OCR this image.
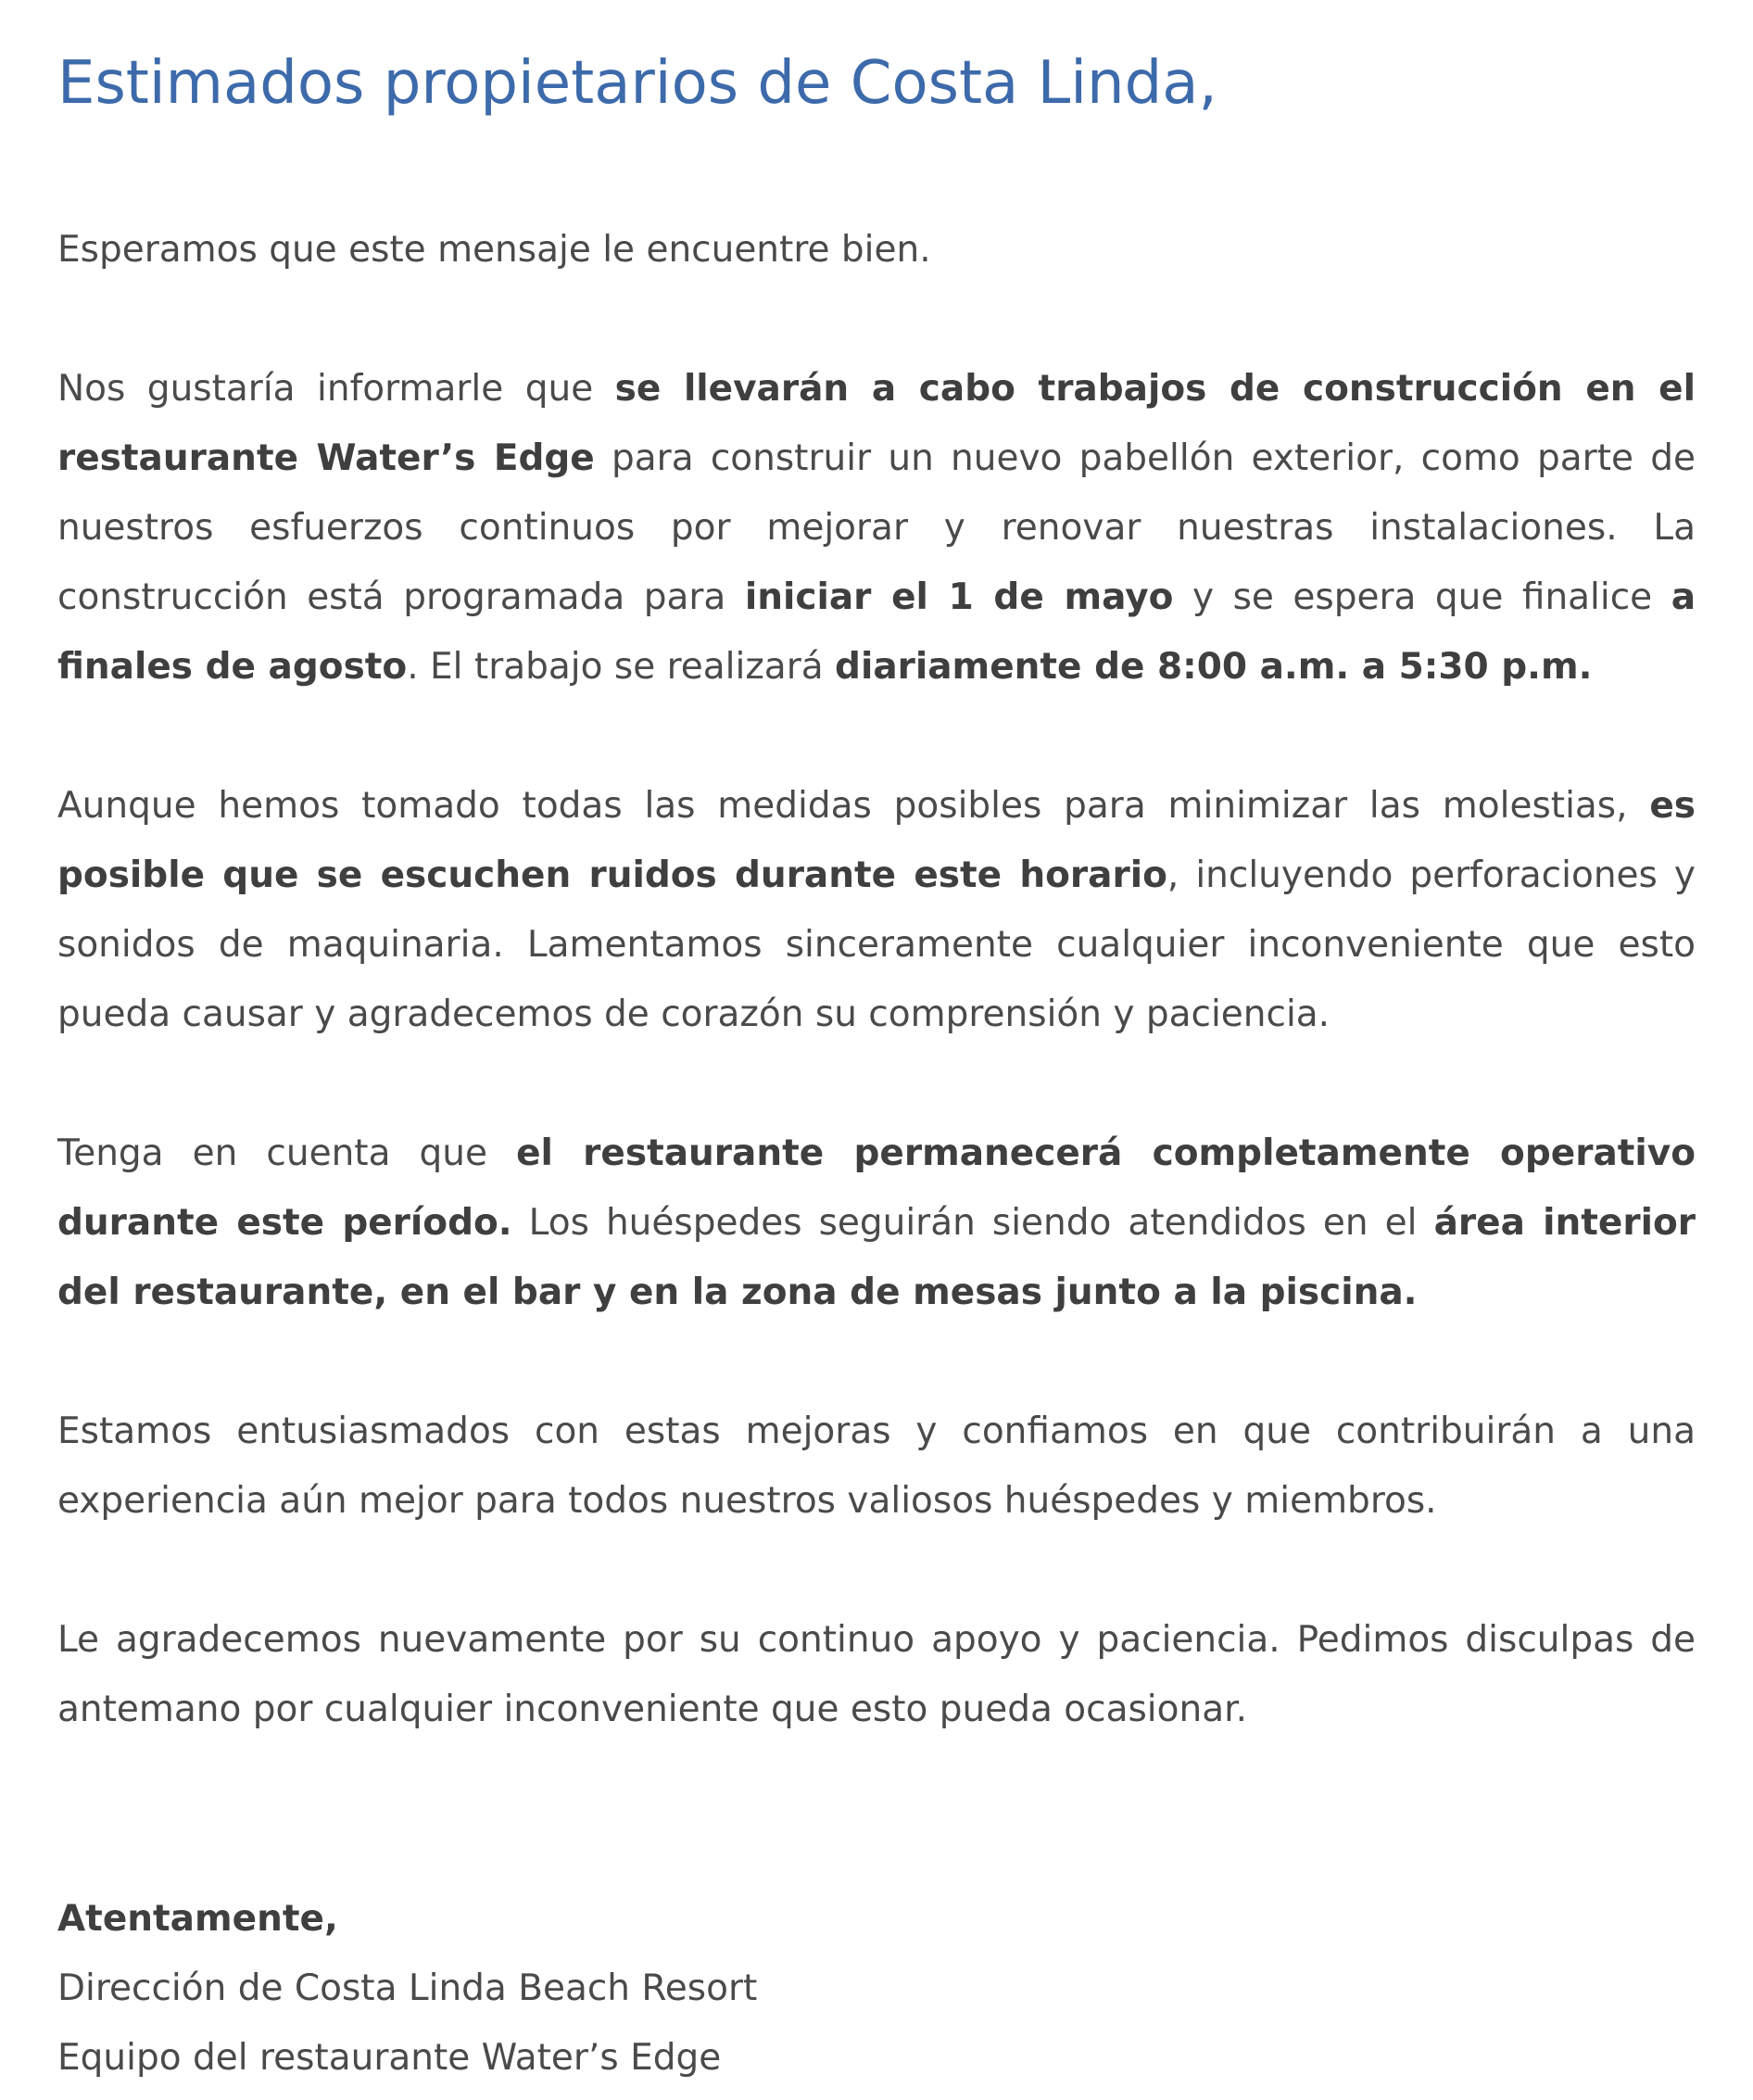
Estimados propietarios de Costa Linda,

Esperamos que este mensaje le encuentre bien.

Nos gustaría informarle que se llevarán a cabo trabajos de construcción en el restaurante Water’s Edge para construir un nuevo pabellón exterior, como parte de nuestros esfuerzos continuos por mejorar y renovar nuestras instalaciones. La construcción está programada para iniciar el 1 de mayo y se espera que finalice a finales de agosto. El trabajo se realizará diariamente de 8:00 a.m. a 5:30 p.m.

Aunque hemos tomado todas las medidas posibles para minimizar las molestias, es posible que se escuchen ruidos durante este horario, incluyendo perforaciones y sonidos de maquinaria. Lamentamos sinceramente cualquier inconveniente que esto pueda causar y agradecemos de corazón su comprensión y paciencia.

Tenga en cuenta que el restaurante permanecerá completamente operativo durante este período. Los huéspedes seguirán siendo atendidos en el área interior del restaurante, en el bar y en la zona de mesas junto a la piscina.

Estamos entusiasmados con estas mejoras y confiamos en que contribuirán a una experiencia aún mejor para todos nuestros valiosos huéspedes y miembros.

Le agradecemos nuevamente por su continuo apoyo y paciencia. Pedimos disculpas de antemano por cualquier inconveniente que esto pueda ocasionar.

Atentamente,
Dirección de Costa Linda Beach Resort
Equipo del restaurante Water’s Edge
